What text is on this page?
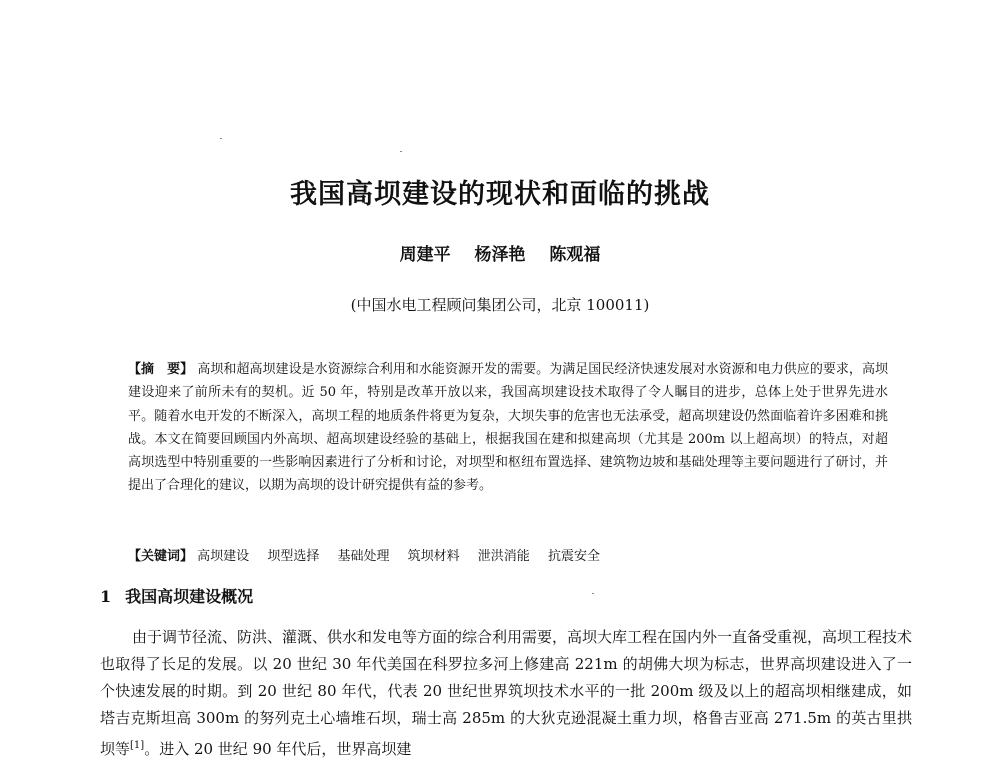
我国高坝建设的现状和面临的挑战
周建平 杨泽艳 陈观福
(中国水电工程顾问集团公司，北京 100011)
【摘　要】 高坝和超高坝建设是水资源综合利用和水能资源开发的需要。为满足国民经济快速发展对水资源和电力供应的要求，高坝建设迎来了前所未有的契机。近 50 年，特别是改革开放以来，我国高坝建设技术取得了令人瞩目的进步，总体上处于世界先进水平。随着水电开发的不断深入，高坝工程的地质条件将更为复杂，大坝失事的危害也无法承受，超高坝建设仍然面临着许多困难和挑战。本文在简要回顾国内外高坝、超高坝建设经验的基础上，根据我国在建和拟建高坝（尤其是 200m 以上超高坝）的特点，对超高坝选型中特别重要的一些影响因素进行了分析和讨论，对坝型和枢纽布置选择、建筑物边坡和基础处理等主要问题进行了研讨，并提出了合理化的建议，以期为高坝的设计研究提供有益的参考。
【关键词】 高坝建设 坝型选择 基础处理 筑坝材料 泄洪消能 抗震安全
1 我国高坝建设概况
由于调节径流、防洪、灌溉、供水和发电等方面的综合利用需要，高坝大库工程在国内外一直备受重视，高坝工程技术也取得了长足的发展。以 20 世纪 30 年代美国在科罗拉多河上修建高 221m 的胡佛大坝为标志，世界高坝建设进入了一个快速发展的时期。到 20 世纪 80 年代，代表 20 世纪世界筑坝技术水平的一批 200m 级及以上的超高坝相继建成，如塔吉克斯坦高 300m 的努列克土心墙堆石坝，瑞士高 285m 的大狄克逊混凝土重力坝，格鲁吉亚高 271.5m 的英古里拱坝等[1]。进入 20 世纪 90 年代后，世界高坝建
